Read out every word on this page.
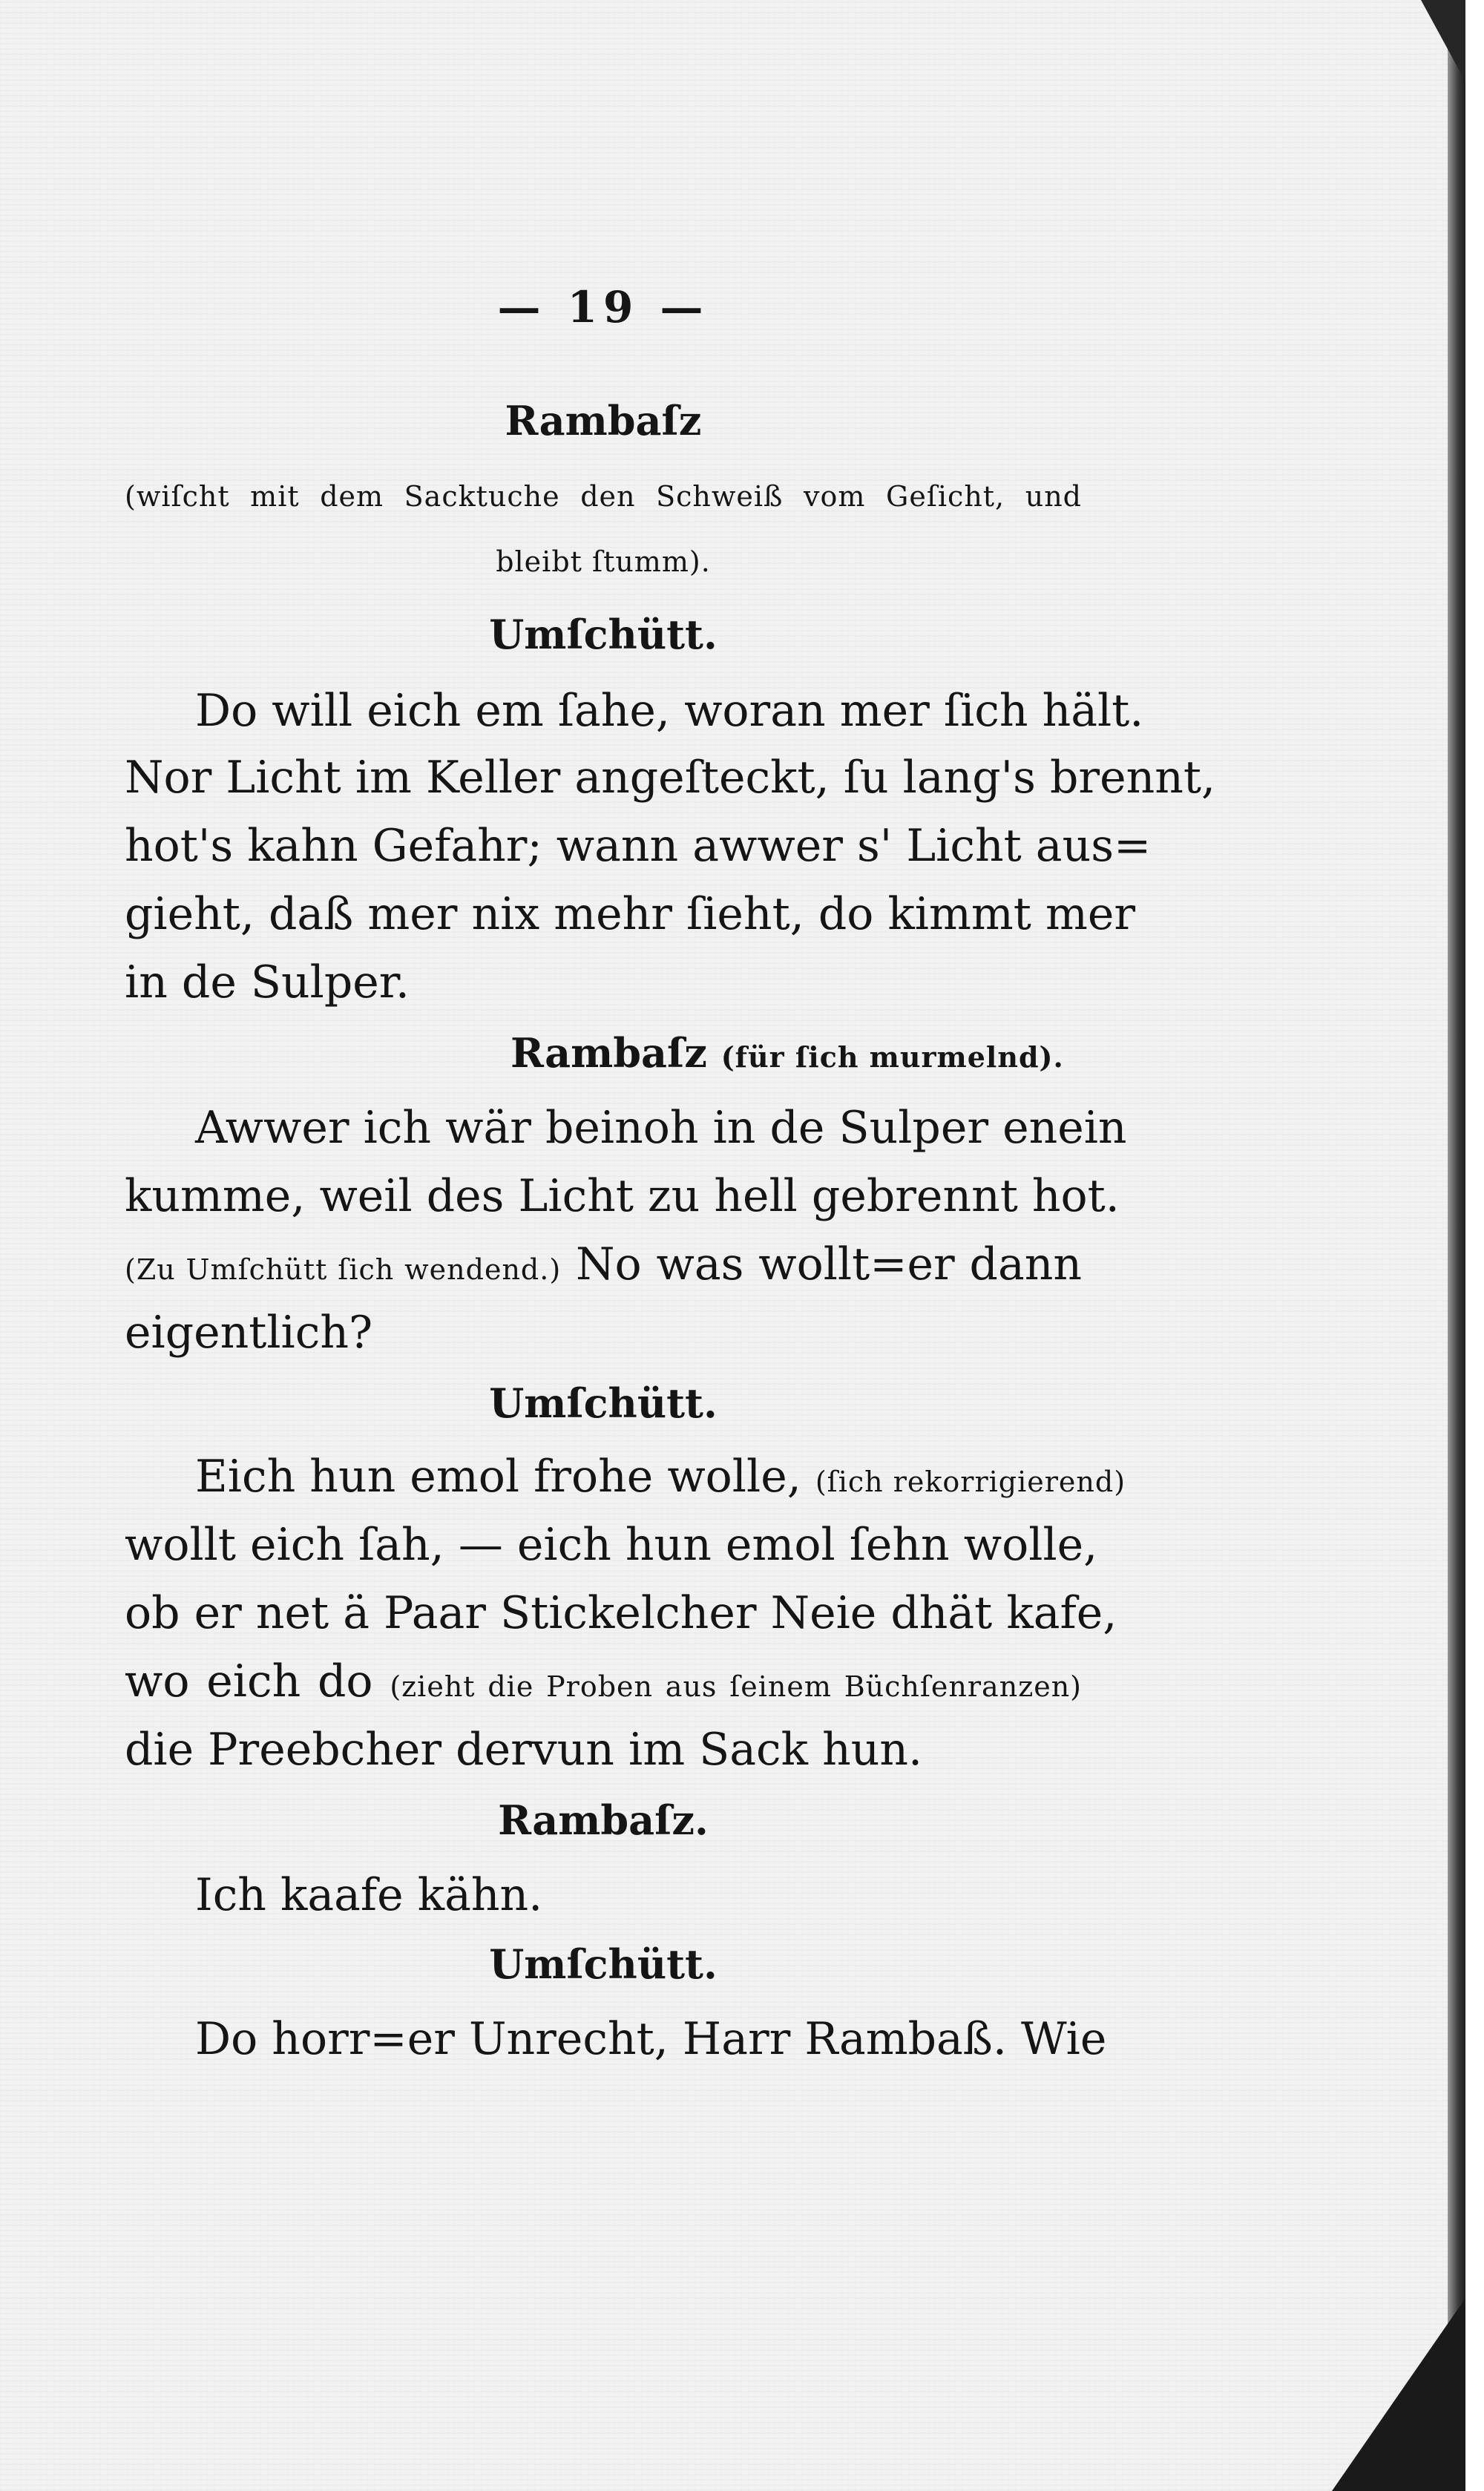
— 19 —
Rambaſz
(wiſcht mit dem Sacktuche den Schweiß vom Geſicht, und
bleibt ſtumm).
Umſchütt.
Do will eich em ſahe, woran mer ſich hält.
Nor Licht im Keller angeſteckt, ſu lang's brennt,
hot's kahn Gefahr; wann awwer s' Licht aus=
gieht, daß mer nix mehr ſieht, do kimmt mer
in de Sulper.
Rambaſz (für ſich murmelnd).
Awwer ich wär beinoh in de Sulper enein
kumme, weil des Licht zu hell gebrennt hot.
(Zu Umſchütt ſich wendend.) No was wollt=er dann
eigentlich?
Umſchütt.
Eich hun emol frohe wolle, (ſich rekorrigierend)
wollt eich ſah, — eich hun emol ſehn wolle,
ob er net ä Paar Stickelcher Neie dhät kafe,
wo eich do (zieht die Proben aus ſeinem Büchſenranzen)
die Preebcher dervun im Sack hun.
Rambaſz.
Ich kaafe kähn.
Umſchütt.
Do horr=er Unrecht, Harr Rambaß. Wie
